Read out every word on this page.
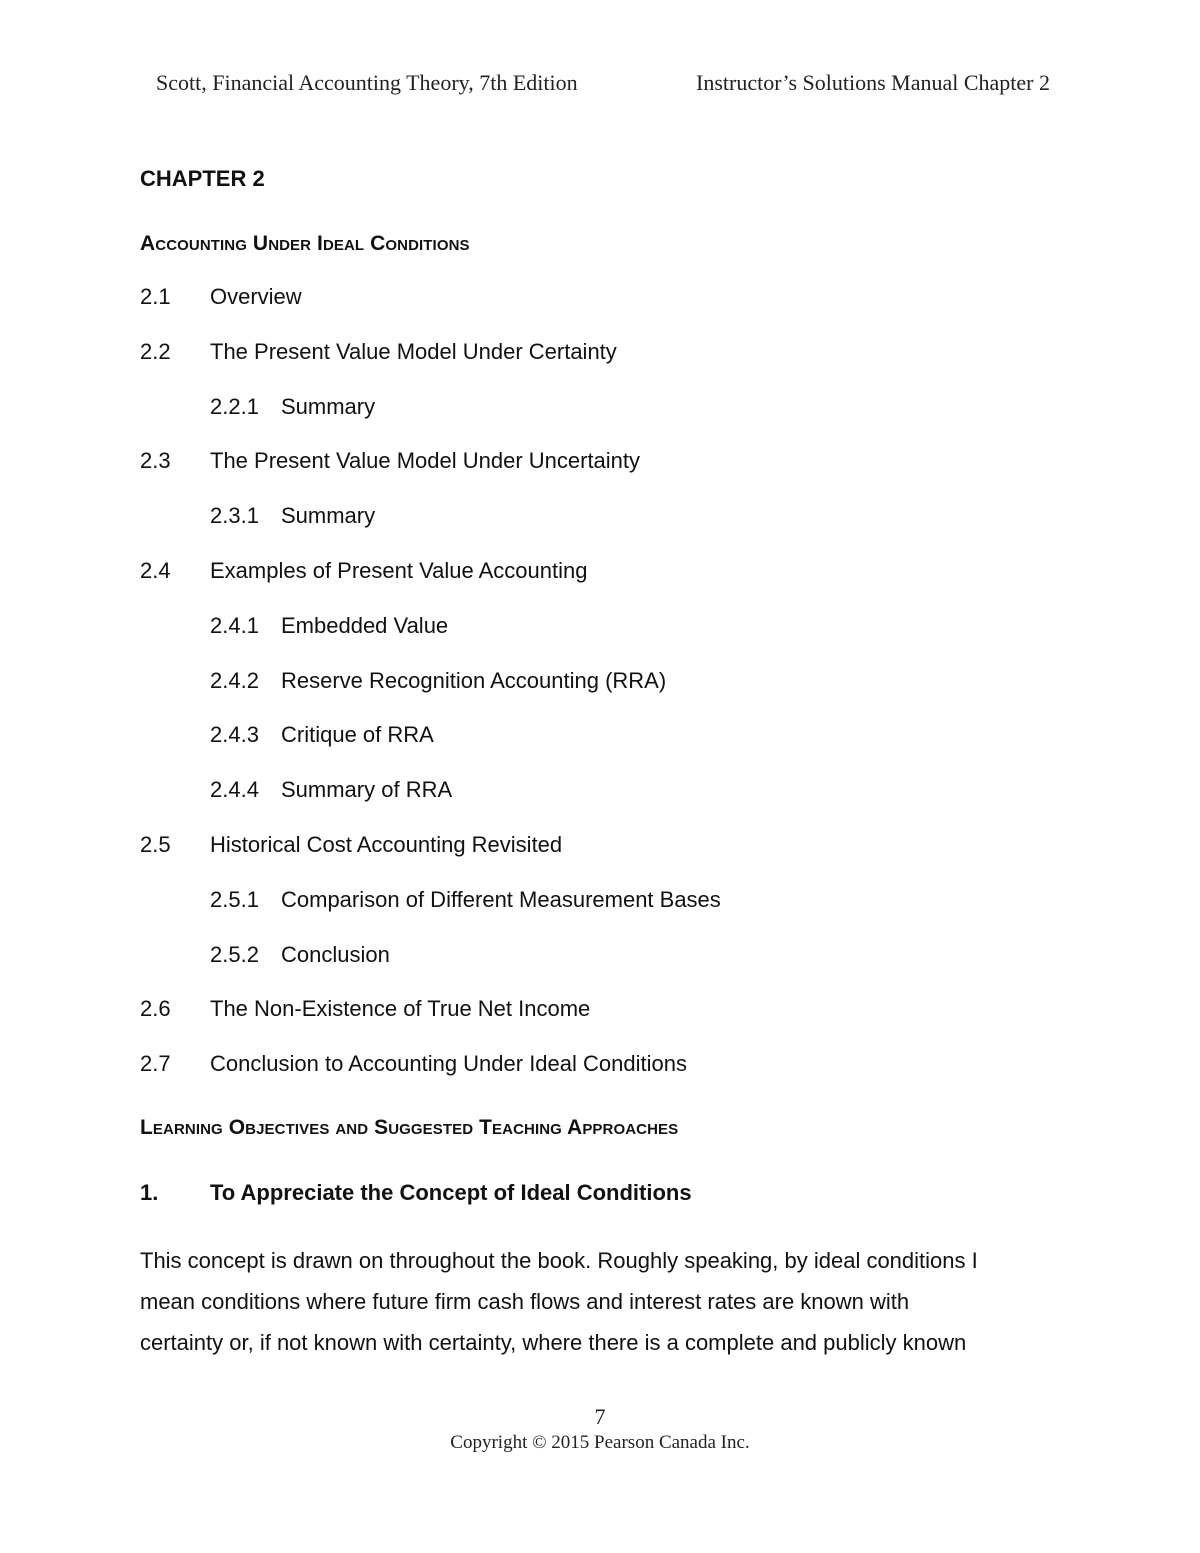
Scott, Financial Accounting Theory, 7th Edition	Instructor’s Solutions Manual Chapter 2
CHAPTER 2
Accounting Under Ideal Conditions
2.1 Overview
2.2 The Present Value Model Under Certainty
2.2.1 Summary
2.3 The Present Value Model Under Uncertainty
2.3.1 Summary
2.4 Examples of Present Value Accounting
2.4.1 Embedded Value
2.4.2 Reserve Recognition Accounting (RRA)
2.4.3 Critique of RRA
2.4.4 Summary of RRA
2.5 Historical Cost Accounting Revisited
2.5.1 Comparison of Different Measurement Bases
2.5.2 Conclusion
2.6 The Non-Existence of True Net Income
2.7 Conclusion to Accounting Under Ideal Conditions
Learning Objectives and Suggested Teaching Approaches
1. To Appreciate the Concept of Ideal Conditions
This concept is drawn on throughout the book. Roughly speaking, by ideal conditions I
mean conditions where future firm cash flows and interest rates are known with
certainty or, if not known with certainty, where there is a complete and publicly known
7
Copyright © 2015 Pearson Canada Inc.
